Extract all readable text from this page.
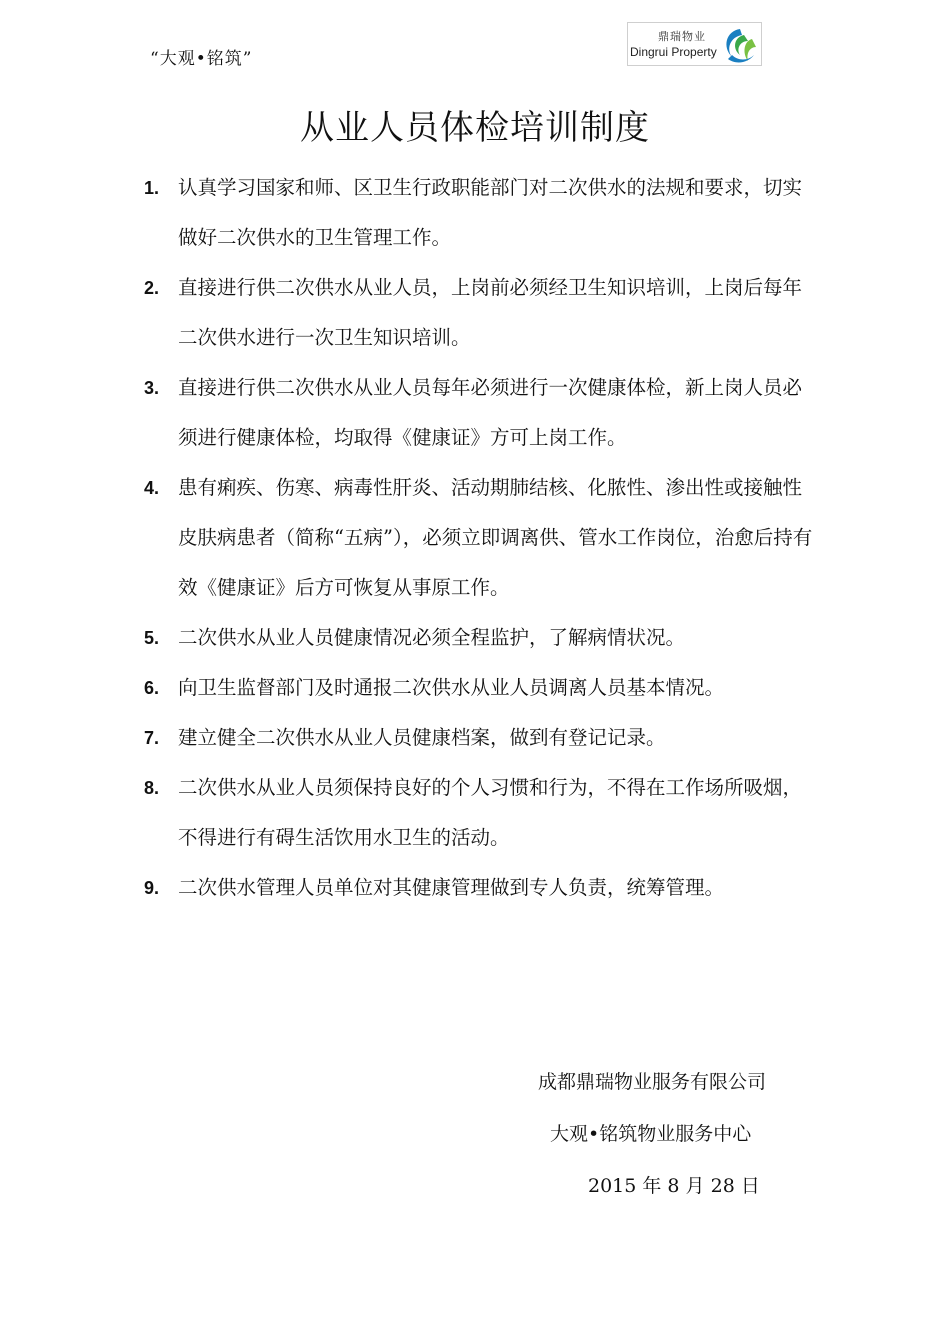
“大观•铭筑”
鼎瑞物业
Dingrui Property
从业人员体检培训制度
1. 认真学习国家和师、区卫生行政职能部门对二次供水的法规和要求，切实做好二次供水的卫生管理工作。
2. 直接进行供二次供水从业人员，上岗前必须经卫生知识培训，上岗后每年二次供水进行一次卫生知识培训。
3. 直接进行供二次供水从业人员每年必须进行一次健康体检，新上岗人员必须进行健康体检，均取得《健康证》方可上岗工作。
4. 患有痢疾、伤寒、病毒性肝炎、活动期肺结核、化脓性、渗出性或接触性皮肤病患者（简称“五病”），必须立即调离供、管水工作岗位，治愈后持有效《健康证》后方可恢复从事原工作。
5. 二次供水从业人员健康情况必须全程监护，了解病情状况。
6. 向卫生监督部门及时通报二次供水从业人员调离人员基本情况。
7. 建立健全二次供水从业人员健康档案，做到有登记记录。
8. 二次供水从业人员须保持良好的个人习惯和行为，不得在工作场所吸烟，不得进行有碍生活饮用水卫生的活动。
9. 二次供水管理人员单位对其健康管理做到专人负责，统筹管理。
成都鼎瑞物业服务有限公司
大观•铭筑物业服务中心
2015 年 8 月 28 日
